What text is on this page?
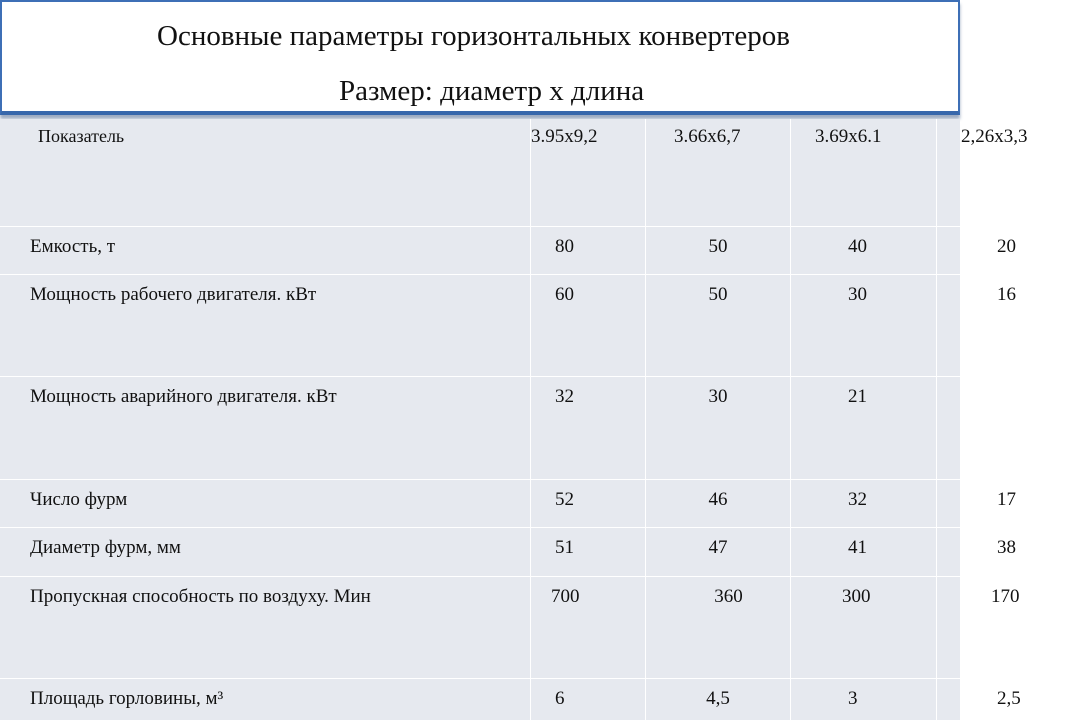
Основные параметры горизонтальных конвертеров
Размер: диаметр х длина
Показатель	3.95х9,2	3.66х6,7	3.69х6.1	2,26х3,3
Емкость, т	80	50	40	20
Мощность рабочего двигателя. кВт	60	50	30	16
Мощность аварийного двигателя. кВт	32	30	21	
Число фурм	52	46	32	17
Диаметр фурм, мм	51	47	41	38
Пропускная способность по воздуху. Мин	700	360	300	170
Площадь горловины, м³	6	4,5	3	2,5
